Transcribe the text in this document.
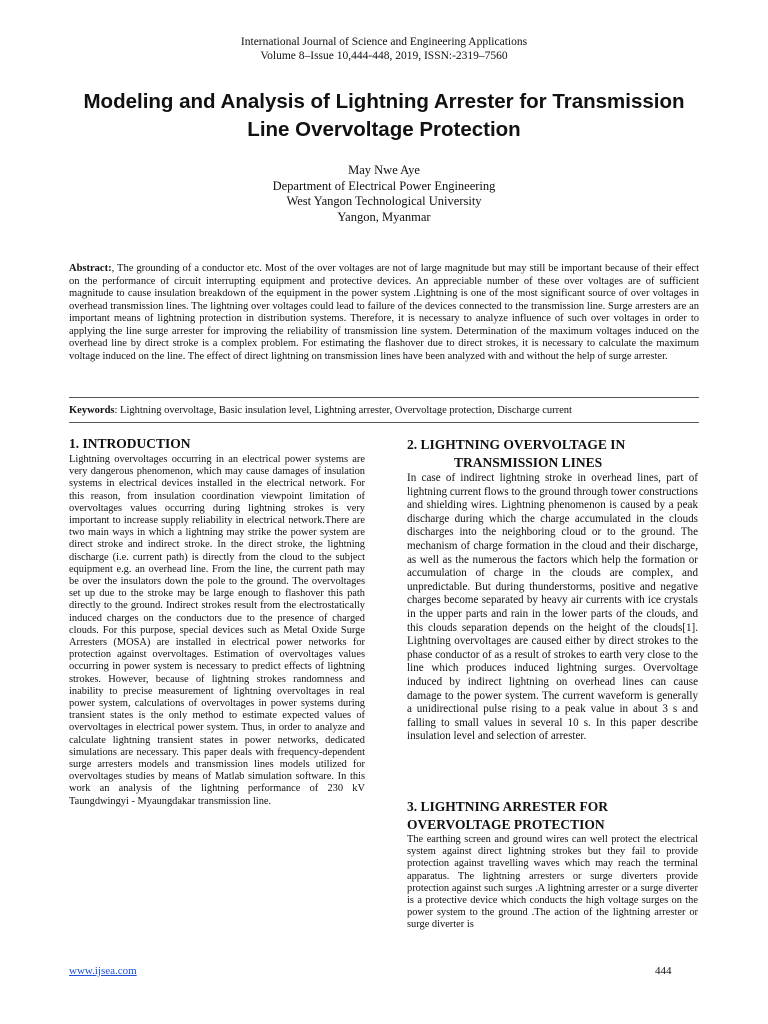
International Journal of Science and Engineering Applications
Volume 8–Issue 10,444-448, 2019, ISSN:-2319–7560
Modeling and Analysis of Lightning Arrester for Transmission Line Overvoltage Protection
May Nwe Aye
Department of Electrical Power Engineering
West Yangon Technological University
Yangon, Myanmar
Abstract:, The grounding of a conductor etc. Most of the over voltages are not of large magnitude but may still be important because of their effect on the performance of circuit interrupting equipment and protective devices. An appreciable number of these over voltages are of sufficient magnitude to cause insulation breakdown of the equipment in the power system .Lightning is one of the most significant source of over voltages in overhead transmission lines. The lightning over voltages could lead to failure of the devices connected to the transmission line. Surge arresters are an important means of lightning protection in distribution systems. Therefore, it is necessary to analyze influence of such over voltages in order to applying the line surge arrester for improving the reliability of transmission line system. Determination of the maximum voltages induced on the overhead line by direct stroke is a complex problem. For estimating the flashover due to direct strokes, it is necessary to calculate the maximum voltage induced on the line. The effect of direct lightning on transmission lines have been analyzed with and without the help of surge arrester.
Keywords: Lightning overvoltage, Basic insulation level, Lightning arrester, Overvoltage protection, Discharge current
1. INTRODUCTION

Lightning overvoltages occurring in an electrical power systems are very dangerous phenomenon, which may cause damages of insulation systems in electrical devices installed in the electrical network. For this reason, from insulation coordination viewpoint limitation of overvoltages values occurring during lightning strokes is very important to increase supply reliability in electrical network.There are two main ways in which a lightning may strike the power system are direct stroke and indirect stroke. In the direct stroke, the lightning discharge (i.e. current path) is directly from the cloud to the subject equipment e.g. an overhead line. From the line, the current path may be over the insulators down the pole to the ground. The overvoltages set up due to the stroke may be large enough to flashover this path directly to the ground. Indirect strokes result from the electrostatically induced charges on the conductors due to the presence of charged clouds. For this purpose, special devices such as Metal Oxide Surge Arresters (MOSA) are installed in electrical power networks for protection against overvoltages. Estimation of overvoltages values occurring in power system is necessary to predict effects of lightning strokes. However, because of lightning strokes randomness and inability to precise measurement of lightning overvoltages in real power system, calculations of overvoltages in power systems during transient states is the only method to estimate expected values of overvoltages in electrical power system. Thus, in order to analyze and calculate lightning transient states in power networks, dedicated simulations are necessary. This paper deals with frequency-dependent surge arresters models and transmission lines models utilized for overvoltages studies by means of Matlab simulation software. In this work an analysis of the lightning performance of 230 kV Taungdwingyi - Myaungdakar transmission line.

2. LIGHTNING OVERVOLTAGE IN
TRANSMISSION LINES

In case of indirect lightning stroke in overhead lines, part of lightning current flows to the ground through tower constructions and shielding wires. Lightning phenomenon is caused by a peak discharge during which the charge accumulated in the clouds discharges into the neighboring cloud or to the ground. The mechanism of charge formation in the cloud and their discharge, as well as the numerous the factors which help the formation or accumulation of charge in the clouds are complex, and unpredictable. But during thunderstorms, positive and negative charges become separated by heavy air currents with ice crystals in the upper parts and rain in the lower parts of the clouds, and this clouds separation depends on the height of the clouds[1]. Lightning overvoltages are caused either by direct strokes to the phase conductor of as a result of strokes to earth very close to the line which produces induced lightning surges. Overvoltage induced by indirect lightning on overhead lines can cause damage to the power system. The current waveform is generally a unidirectional pulse rising to a peak value in about 3 s and falling to small values in several 10 s. In this paper describe insulation level and selection of arrester.

3. LIGHTNING ARRESTER FOR
OVERVOLTAGE PROTECTION

The earthing screen and ground wires can well protect the electrical system against direct lightning strokes but they fail to provide protection against travelling waves which may reach the terminal apparatus. The lightning arresters or surge diverters provide protection against such surges .A lightning arrester or a surge diverter is a protective device which conducts the high voltage surges on the power system to the ground .The action of the lightning arrester or surge diverter is

www.ijsea.com	444
